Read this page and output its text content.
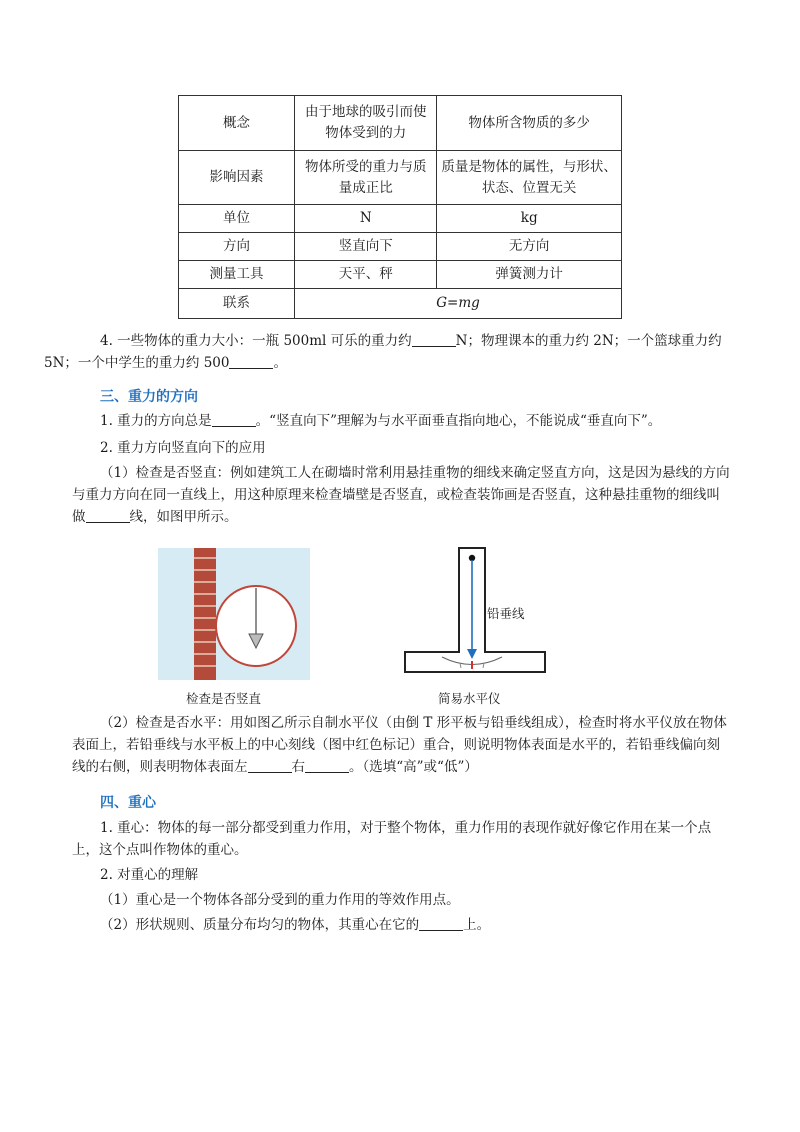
概念	由于地球的吸引而使物体受到的力	物体所含物质的多少
影响因素	物体所受的重力与质量成正比	质量是物体的属性，与形状、状态、位置无关
单位	N	kg
方向	竖直向下	无方向
测量工具	天平、秤	弹簧测力计
联系	G=mg	
4. 一些物体的重力大小：一瓶 500ml 可乐的重力约	N；物理课本的重力约 2N；一个篮球重力约
5N；一个中学生的重力约 500	。
三、重力的方向
1. 重力的方向总是	。“竖直向下”理解为与水平面垂直指向地心，不能说成“垂直向下”。
2. 重力方向竖直向下的应用
（1）检查是否竖直：例如建筑工人在砌墙时常利用悬挂重物的细线来确定竖直方向，这是因为悬线的方向与重力方向在同一直线上，用这种原理来检查墙壁是否竖直，或检查装饰画是否竖直，这种悬挂重物的细线叫做	线，如图甲所示。
检查是否竖直
铅垂线
简易水平仪
（2）检查是否水平：用如图乙所示自制水平仪（由倒 T 形平板与铅垂线组成），检查时将水平仪放在物体表面上，若铅垂线与水平板上的中心刻线（图中红色标记）重合，则说明物体表面是水平的，若铅垂线偏向刻线的右侧，则表明物体表面左	右	。（选填“高”或“低”）
四、重心
1. 重心：物体的每一部分都受到重力作用，对于整个物体，重力作用的表现作就好像它作用在某一个点上，这个点叫作物体的重心。
2. 对重心的理解
（1）重心是一个物体各部分受到的重力作用的等效作用点。
（2）形状规则、质量分布均匀的物体，其重心在它的	上。
